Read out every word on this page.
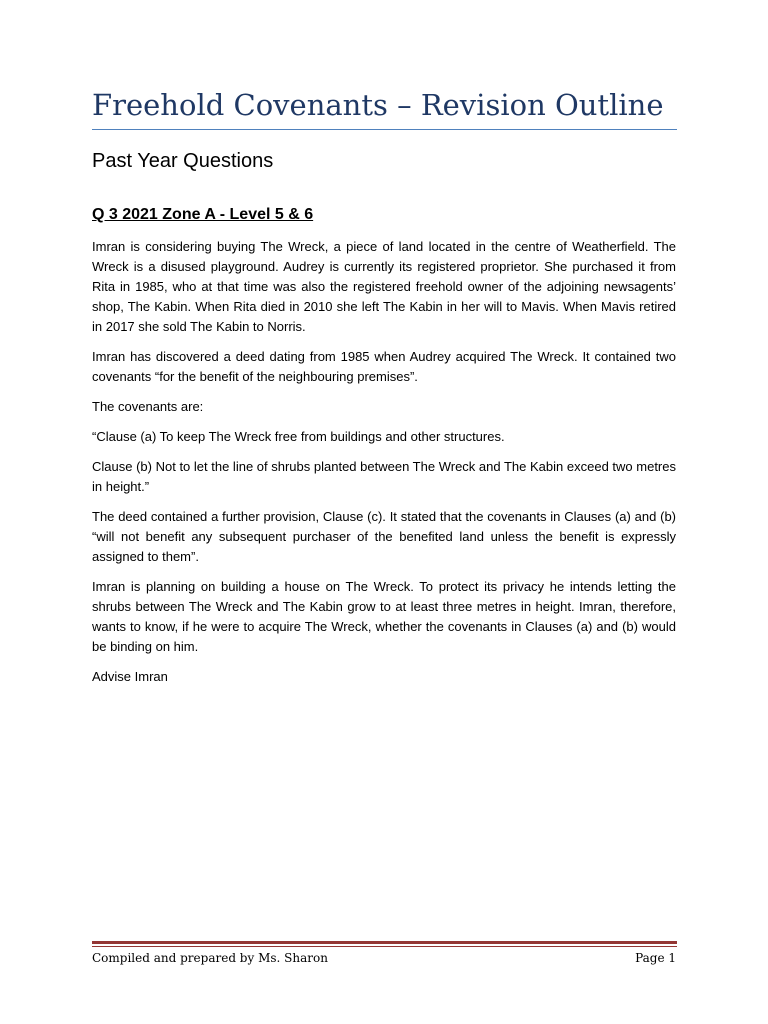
Freehold Covenants – Revision Outline
Past Year Questions
Q 3 2021 Zone A - Level 5 & 6

Imran is considering buying The Wreck, a piece of land located in the centre of Weatherfield. The Wreck is a disused playground. Audrey is currently its registered proprietor. She purchased it from Rita in 1985, who at that time was also the registered freehold owner of the adjoining newsagents’ shop, The Kabin. When Rita died in 2010 she left The Kabin in her will to Mavis. When Mavis retired in 2017 she sold The Kabin to Norris.

Imran has discovered a deed dating from 1985 when Audrey acquired The Wreck. It contained two covenants “for the benefit of the neighbouring premises”.

The covenants are:

“Clause (a) To keep The Wreck free from buildings and other structures.

Clause (b) Not to let the line of shrubs planted between The Wreck and The Kabin exceed two metres in height.”

The deed contained a further provision, Clause (c). It stated that the covenants in Clauses (a) and (b) “will not benefit any subsequent purchaser of the benefited land unless the benefit is expressly assigned to them”.

Imran is planning on building a house on The Wreck. To protect its privacy he intends letting the shrubs between The Wreck and The Kabin grow to at least three metres in height. Imran, therefore, wants to know, if he were to acquire The Wreck, whether the covenants in Clauses (a) and (b) would be binding on him.

Advise Imran

Compiled and prepared by Ms. Sharon	Page 1
